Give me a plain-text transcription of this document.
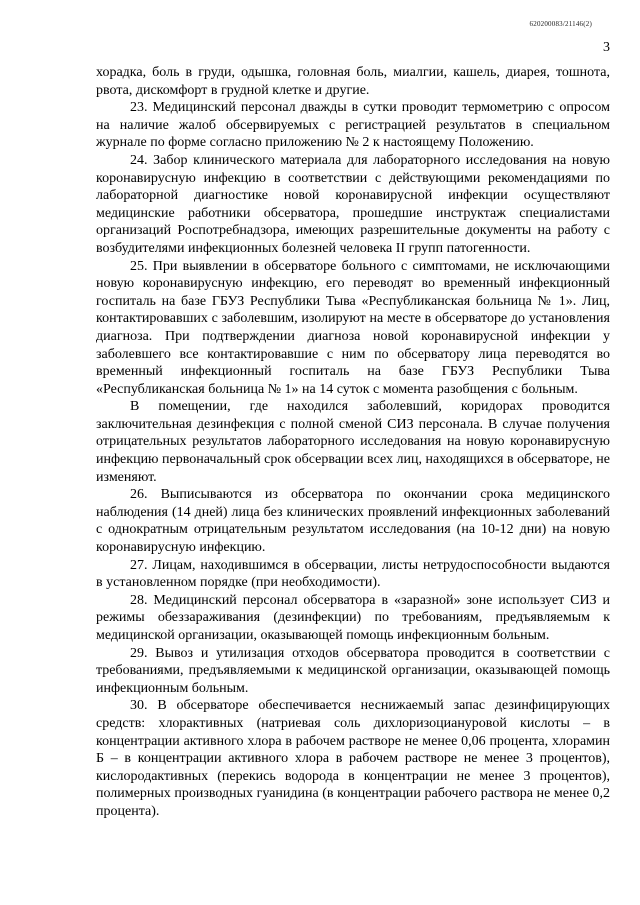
620200083/21146(2)
3

хорадка, боль в груди, одышка, головная боль, миалгии, кашель, диарея, тошнота, рвота, дискомфорт в грудной клетке и другие.

23. Медицинский персонал дважды в сутки проводит термометрию с опросом на наличие жалоб обсервируемых с регистрацией результатов в специальном журнале по форме согласно приложению № 2 к настоящему Положению.

24. Забор клинического материала для лабораторного исследования на новую коронавирусную инфекцию в соответствии с действующими рекомендациями по лабораторной диагностике новой коронавирусной инфекции осуществляют медицинские работники обсерватора, прошедшие инструктаж специалистами организаций Роспотребнадзора, имеющих разрешительные документы на работу с возбудителями инфекционных болезней человека II групп патогенности.

25. При выявлении в обсерваторе больного с симптомами, не исключающими новую коронавирусную инфекцию, его переводят во временный инфекционный госпиталь на базе ГБУЗ Республики Тыва «Республиканская больница № 1». Лиц, контактировавших с заболевшим, изолируют на месте в обсерваторе до установления диагноза. При подтверждении диагноза новой коронавирусной инфекции у заболевшего все контактировавшие с ним по обсерватору лица переводятся во временный инфекционный госпиталь на базе ГБУЗ Республики Тыва «Республиканская больница № 1» на 14 суток с момента разобщения с больным.

В помещении, где находился заболевший, коридорах проводится заключительная дезинфекция с полной сменой СИЗ персонала. В случае получения отрицательных результатов лабораторного исследования на новую коронавирусную инфекцию первоначальный срок обсервации всех лиц, находящихся в обсерваторе, не изменяют.

26. Выписываются из обсерватора по окончании срока медицинского наблюдения (14 дней) лица без клинических проявлений инфекционных заболеваний с однократным отрицательным результатом исследования (на 10-12 дни) на новую коронавирусную инфекцию.

27. Лицам, находившимся в обсервации, листы нетрудоспособности выдаются в установленном порядке (при необходимости).

28. Медицинский персонал обсерватора в «заразной» зоне использует СИЗ и режимы обеззараживания (дезинфекции) по требованиям, предъявляемым к медицинской организации, оказывающей помощь инфекционным больным.

29. Вывоз и утилизация отходов обсерватора проводится в соответствии с требованиями, предъявляемыми к медицинской организации, оказывающей помощь инфекционным больным.

30. В обсерваторе обеспечивается неснижаемый запас дезинфицирующих средств: хлорактивных (натриевая соль дихлоризоциануровой кислоты – в концентрации активного хлора в рабочем растворе не менее 0,06 процента, хлорамин Б – в концентрации активного хлора в рабочем растворе не менее 3 процентов), кислородактивных (перекись водорода в концентрации не менее 3 процентов), полимерных производных гуанидина (в концентрации рабочего раствора не менее 0,2 процента).
